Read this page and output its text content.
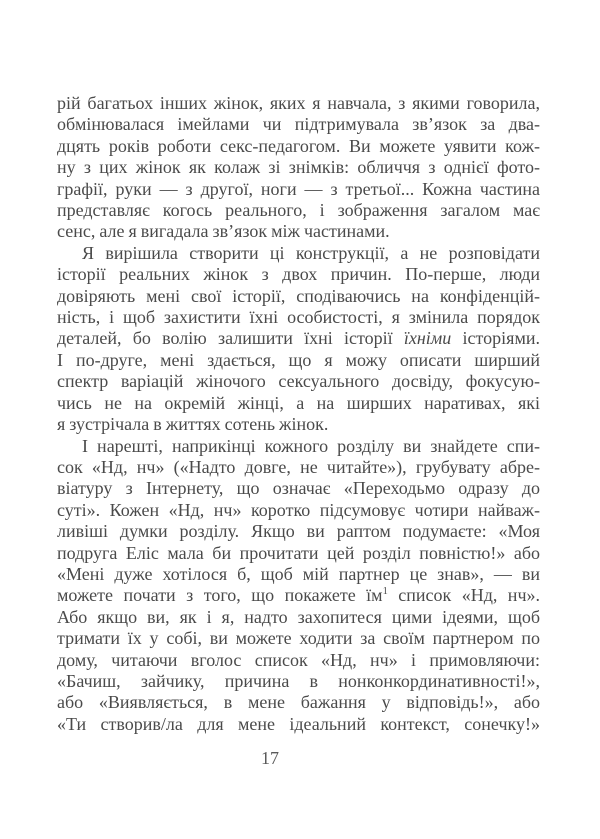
рій багатьох інших жінок, яких я навчала, з якими говорила,
обмінювалася імейлами чи підтримувала зв’язок за два-
дцять років роботи секс-педагогом. Ви можете уявити кож-
ну з цих жінок як колаж зі знімків: обличчя з однієї фото-
графії, руки — з другої, ноги — з третьої... Кожна частина
представляє когось реального, і зображення загалом має
сенс, але я вигадала зв’язок між частинами.
Я вирішила створити ці конструкції, а не розповідати
історії реальних жінок з двох причин. По-перше, люди
довіряють мені свої історії, сподіваючись на конфіденцій-
ність, і щоб захистити їхні особистості, я змінила порядок
деталей, бо волію залишити їхні історії їхніми історіями.
І по-друге, мені здається, що я можу описати ширший
спектр варіацій жіночого сексуального досвіду, фокусую-
чись не на окремій жінці, а на ширших наративах, які
я зустрічала в життях сотень жінок.
І нарешті, наприкінці кожного розділу ви знайдете спи-
сок «Нд, нч» («Надто довге, не читайте»), грубувату абре-
віатуру з Інтернету, що означає «Переходьмо одразу до
суті». Кожен «Нд, нч» коротко підсумовує чотири найваж-
ливіші думки розділу. Якщо ви раптом подумаєте: «Моя
подруга Еліс мала би прочитати цей розділ повністю!» або
«Мені дуже хотілося б, щоб мій партнер це знав», — ви
можете почати з того, що покажете $їм^1$ список «Нд, нч».
Або якщо ви, як і я, надто захопитеся цими ідеями, щоб
тримати їх у собі, ви можете ходити за своїм партнером по
дому, читаючи вголос список «Нд, нч» і примовляючи:
«Бачиш, зайчику, причина в нонконкординативності!»,
або «Виявляється, в мене бажання у відповідь!», або
«Ти створив/ла для мене ідеальний контекст, сонечку!»
17
